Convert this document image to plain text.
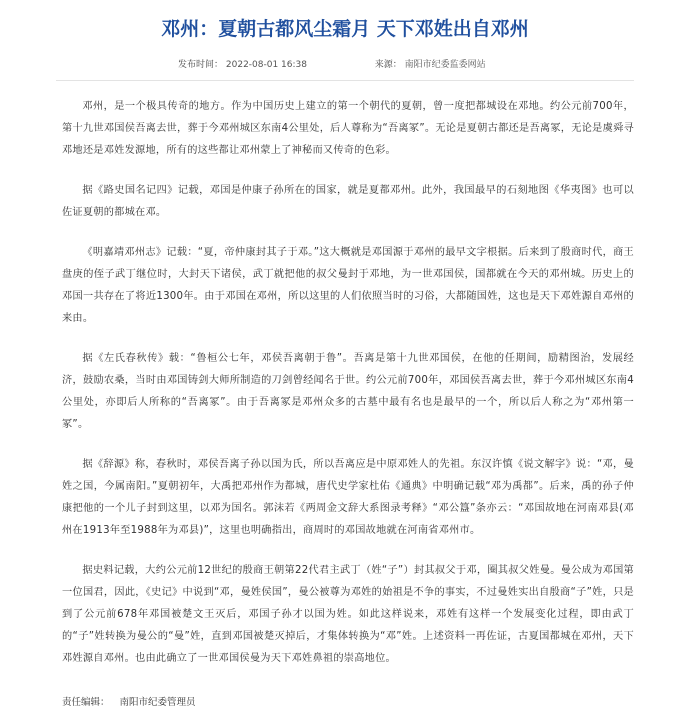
邓州：夏朝古都风尘霜月 天下邓姓出自邓州
发布时间： 2022-08-01 16:38	来源： 南阳市纪委监委网站

邓州，是一个极具传奇的地方。作为中国历史上建立的第一个朝代的夏朝，曾一度把都城设在邓地。约公元前700年，第十九世邓国侯吾离去世，葬于今邓州城区东南4公里处，后人尊称为“吾离冢”。无论是夏朝古都还是吾离冢，无论是虞舜寻邓地还是邓姓发源地，所有的这些都让邓州蒙上了神秘而又传奇的色彩。

据《路史国名记四》记载，邓国是仲康子孙所在的国家，就是夏都邓州。此外，我国最早的石刻地图《华夷图》也可以佐证夏朝的都城在邓。

《明嘉靖邓州志》记载：“夏，帝仲康封其子于邓。”这大概就是邓国源于邓州的最早文字根据。后来到了殷商时代，商王盘庚的侄子武丁继位时，大封天下诸侯，武丁就把他的叔父曼封于邓地，为一世邓国侯，国都就在今天的邓州城。历史上的邓国一共存在了将近1300年。由于邓国在邓州，所以这里的人们依照当时的习俗，大都随国姓，这也是天下邓姓源自邓州的来由。

据《左氏春秋传》载：“鲁桓公七年，邓侯吾离朝于鲁”。吾离是第十九世邓国侯，在他的任期间，励精图治，发展经济，鼓励农桑，当时由邓国铸剑大师所制造的刀剑曾经闻名于世。约公元前700年，邓国侯吾离去世，葬于今邓州城区东南4公里处，亦即后人所称的“吾离冢”。由于吾离冢是邓州众多的古墓中最有名也是最早的一个，所以后人称之为“邓州第一冢”。

据《辞源》称，春秋时，邓侯吾离子孙以国为氏，所以吾离应是中原邓姓人的先祖。东汉许慎《说文解字》说：“邓，曼姓之国，今属南阳。”夏朝初年，大禹把邓州作为都城，唐代史学家杜佑《通典》中明确记载“邓为禹都”。后来，禹的孙子仲康把他的一个儿子封到这里，以邓为国名。郭沫若《两周金文辞大系图录考释》“邓公簋”条亦云：“邓国故地在河南邓县(邓州在1913年至1988年为邓县)”，这里也明确指出，商周时的邓国故地就在河南省邓州市。

据史料记载，大约公元前12世纪的殷商王朝第22代君主武丁（姓“子”）封其叔父于邓，圈其叔父姓曼。曼公成为邓国第一位国君，因此，《史记》中说到“邓，曼姓侯国”，曼公被尊为邓姓的始祖是不争的事实，不过曼姓实出自殷商“子”姓，只是到了公元前678年邓国被楚文王灭后，邓国子孙才以国为姓。如此这样说来，邓姓有这样一个发展变化过程，即由武丁的“子”姓转换为曼公的“曼”姓，直到邓国被楚灭掉后，才集体转换为“邓”姓。上述资料一再佐证，古夏国都城在邓州，天下邓姓源自邓州。也由此确立了一世邓国侯曼为天下邓姓鼻祖的崇高地位。

责任编辑： 南阳市纪委管理员
